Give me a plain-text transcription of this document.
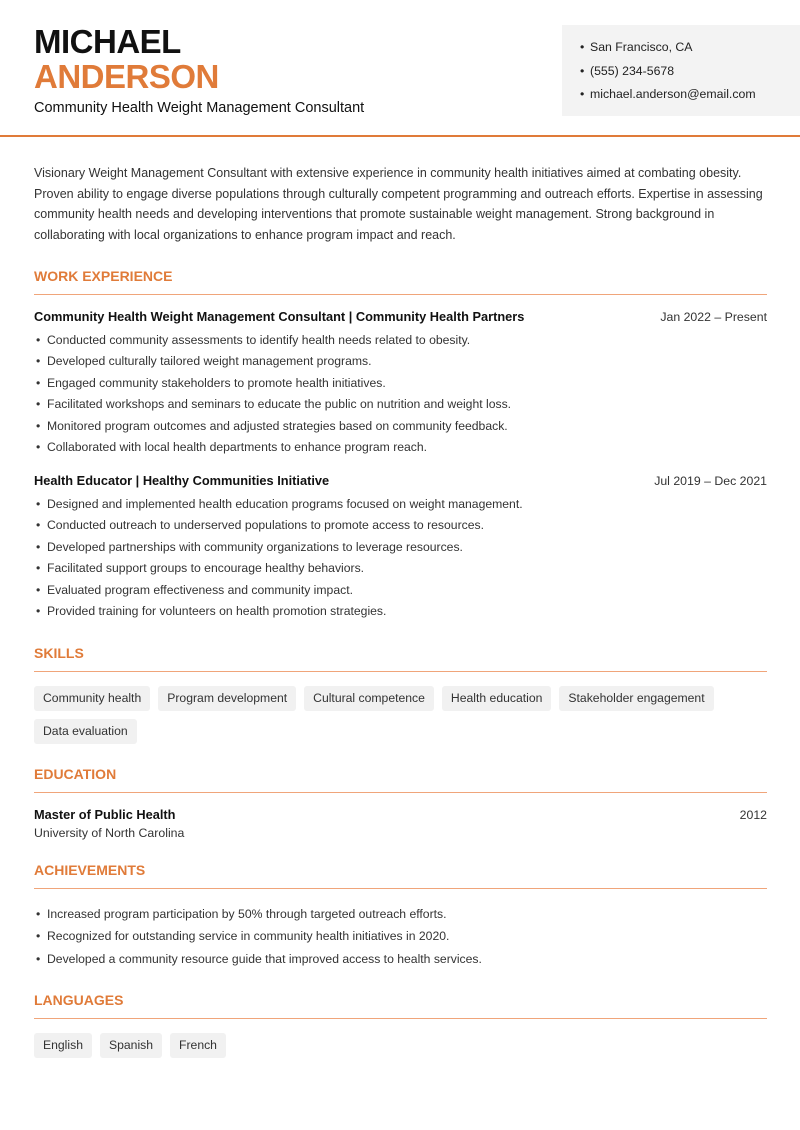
MICHAEL
ANDERSON
Community Health Weight Management Consultant
• San Francisco, CA
• (555) 234-5678
• michael.anderson@email.com

Visionary Weight Management Consultant with extensive experience in community health initiatives aimed at combating obesity. Proven ability to engage diverse populations through culturally competent programming and outreach efforts. Expertise in assessing community health needs and developing interventions that promote sustainable weight management. Strong background in collaborating with local organizations to enhance program impact and reach.

WORK EXPERIENCE
Community Health Weight Management Consultant | Community Health Partners	Jan 2022 – Present
• Conducted community assessments to identify health needs related to obesity.
• Developed culturally tailored weight management programs.
• Engaged community stakeholders to promote health initiatives.
• Facilitated workshops and seminars to educate the public on nutrition and weight loss.
• Monitored program outcomes and adjusted strategies based on community feedback.
• Collaborated with local health departments to enhance program reach.
Health Educator | Healthy Communities Initiative	Jul 2019 – Dec 2021
• Designed and implemented health education programs focused on weight management.
• Conducted outreach to underserved populations to promote access to resources.
• Developed partnerships with community organizations to leverage resources.
• Facilitated support groups to encourage healthy behaviors.
• Evaluated program effectiveness and community impact.
• Provided training for volunteers on health promotion strategies.
SKILLS
Community health	Program development	Cultural competence	Health education	Stakeholder engagement
Data evaluation
EDUCATION
Master of Public Health	2012
University of North Carolina
ACHIEVEMENTS
• Increased program participation by 50% through targeted outreach efforts.
• Recognized for outstanding service in community health initiatives in 2020.
• Developed a community resource guide that improved access to health services.
LANGUAGES
English	Spanish	French
